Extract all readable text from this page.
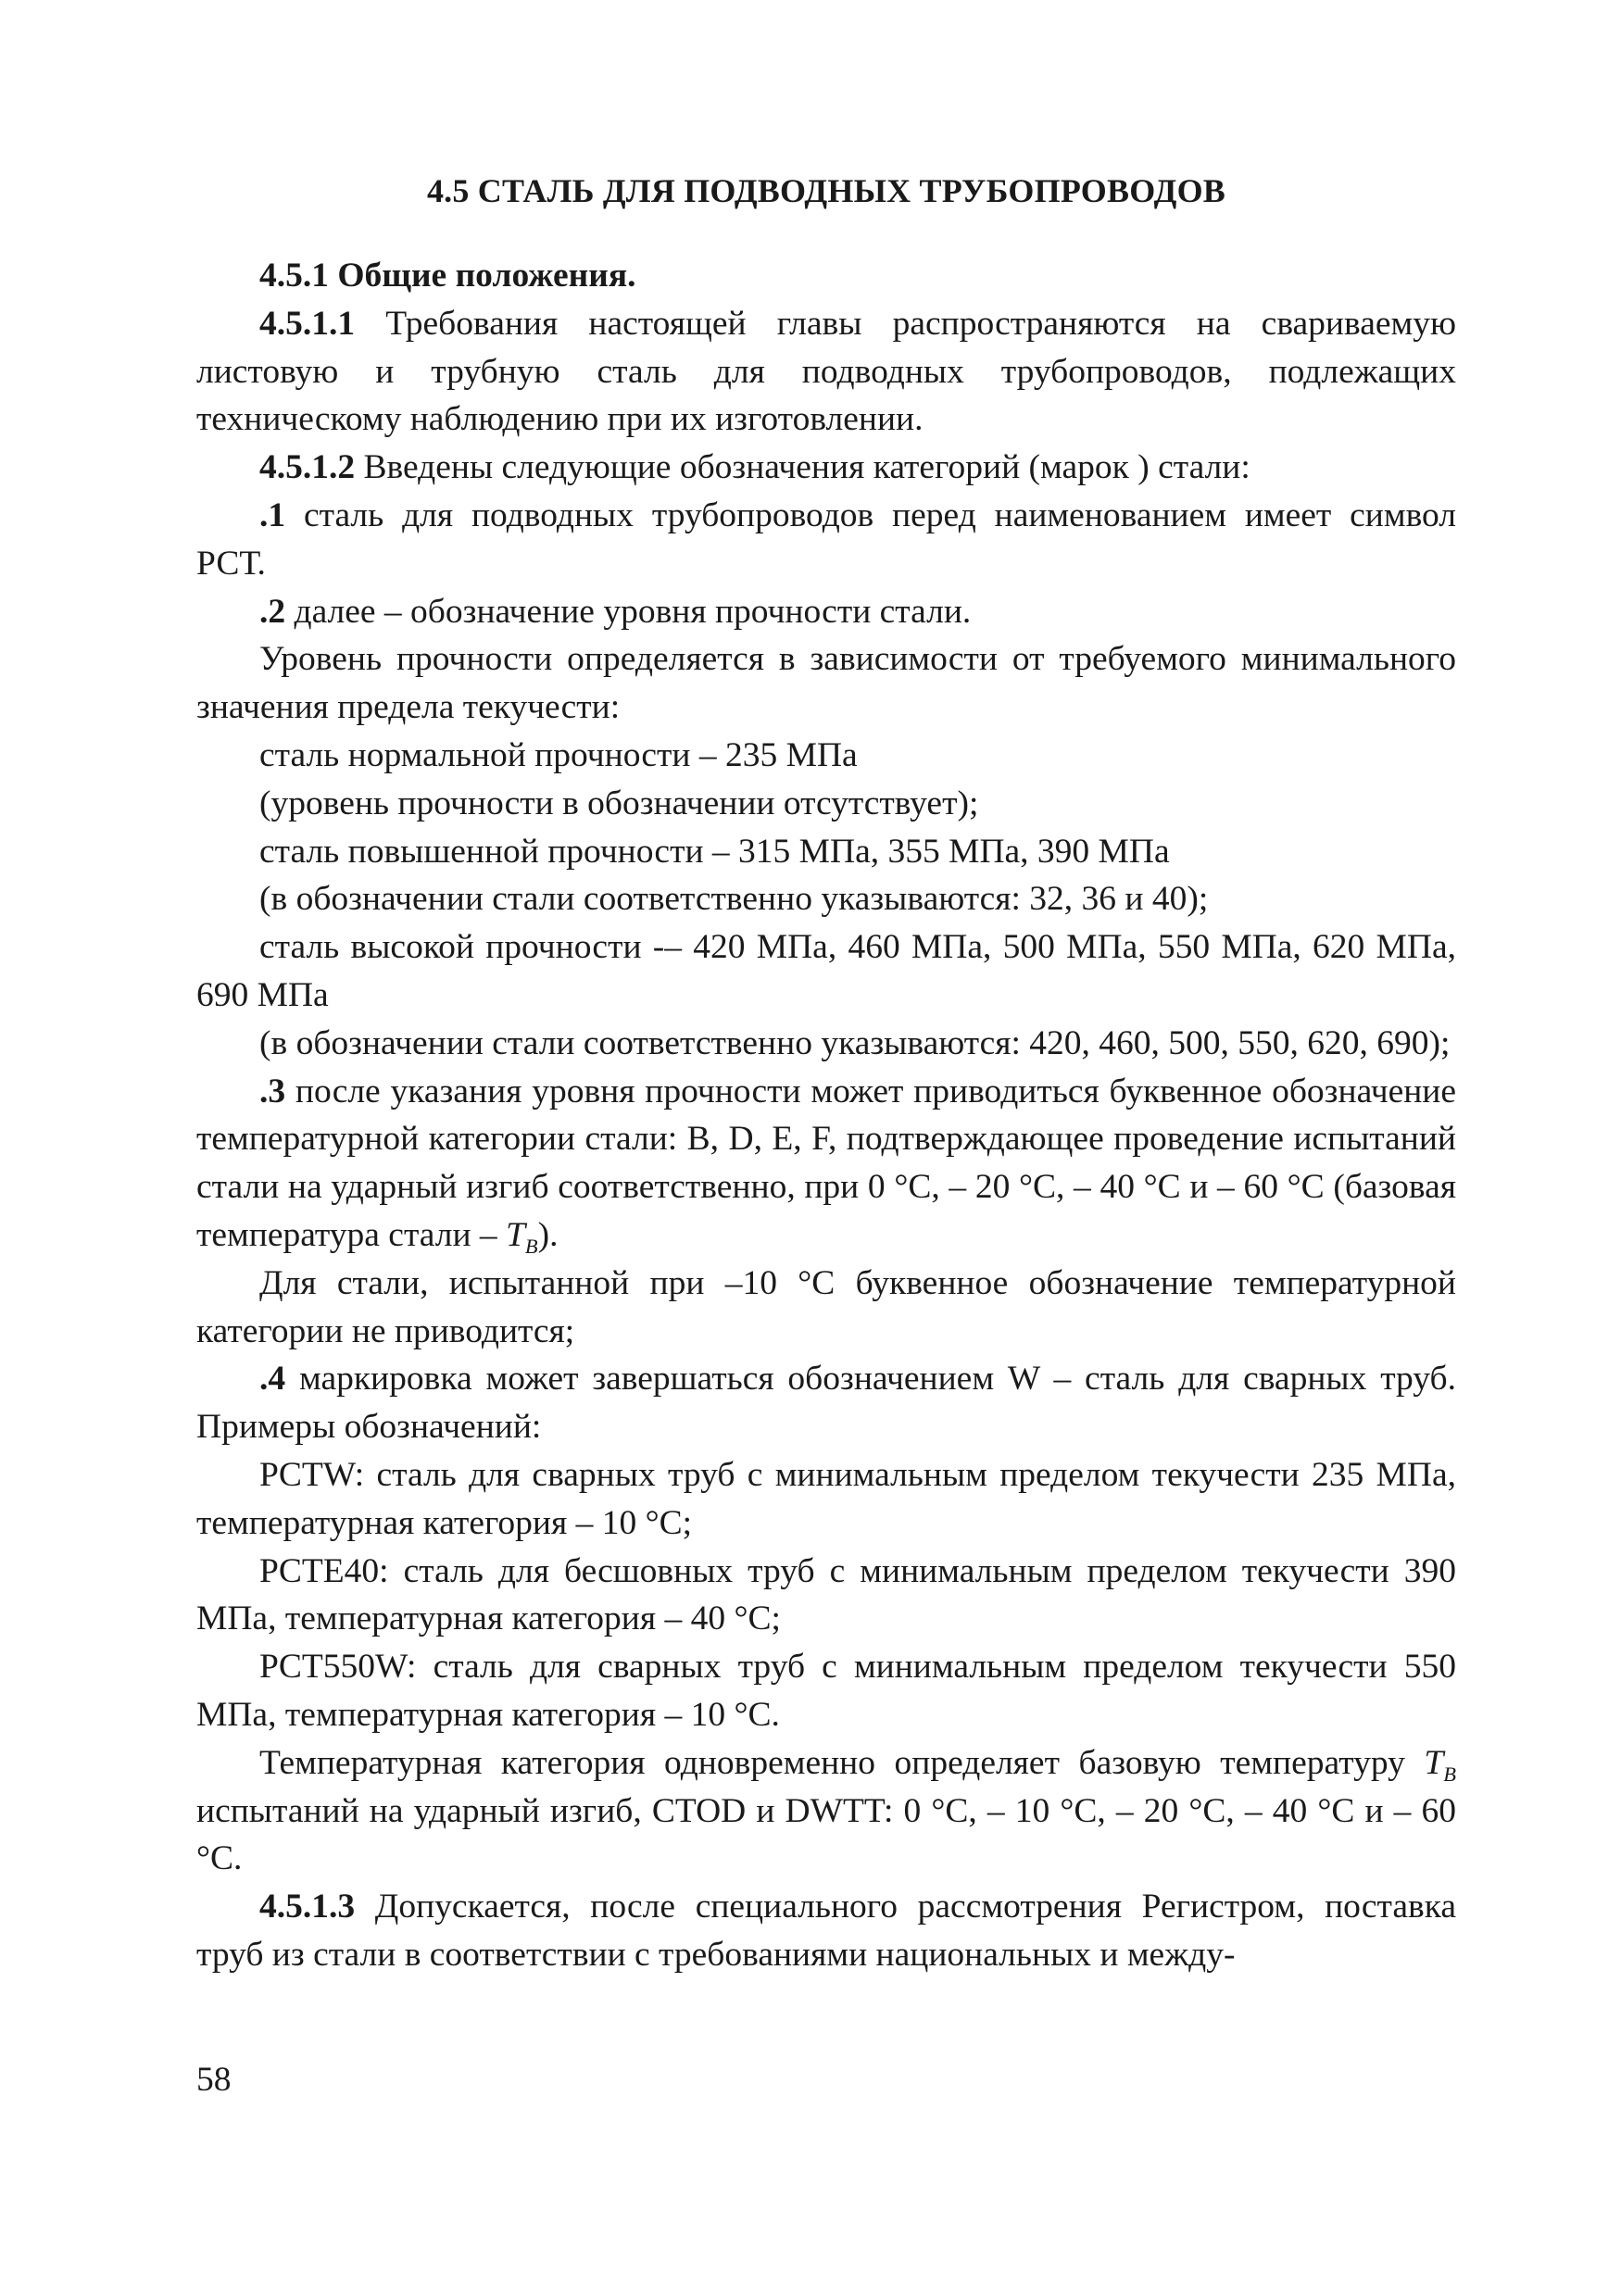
4.5 СТАЛЬ ДЛЯ ПОДВОДНЫХ ТРУБОПРОВОДОВ

4.5.1 Общие положения.

4.5.1.1 Требования настоящей главы распространяются на свариваемую листовую и трубную сталь для подводных трубопроводов, подлежащих техническому наблюдению при их изготовлении.

4.5.1.2 Введены следующие обозначения категорий (марок ) стали:

.1 сталь для подводных трубопроводов перед наименованием имеет символ РСТ.

.2 далее – обозначение уровня прочности стали.

Уровень прочности определяется в зависимости от требуемого минимального значения предела текучести:

сталь нормальной прочности – 235 МПа

(уровень прочности в обозначении отсутствует);

сталь повышенной прочности – 315 МПа, 355 МПа, 390 МПа

(в обозначении стали соответственно указываются: 32, 36 и 40);

сталь высокой прочности -– 420 МПа, 460 МПа, 500 МПа, 550 МПа, 620 МПа, 690 МПа

(в обозначении стали соответственно указываются: 420, 460, 500, 550, 620, 690);

.3 после указания уровня прочности может приводиться буквенное обозначение температурной категории стали: B, D, E, F, подтверждающее проведение испытаний стали на ударный изгиб соответственно, при 0 °С, – 20 °С, – 40 °С и – 60 °С (базовая температура стали – $T_B$).

Для стали, испытанной при –10 °С буквенное обозначение температурной категории не приводится;

.4 маркировка может завершаться обозначением W – сталь для сварных труб. Примеры обозначений:

PCTW: сталь для сварных труб с минимальным пределом текучести 235 МПа, температурная категория – 10 °С;

PCTE40: сталь для бесшовных труб с минимальным пределом текучести 390 МПа, температурная категория – 40 °С;

PCT550W: сталь для сварных труб с минимальным пределом текучести 550 МПа, температурная категория – 10 °С.

Температурная категория одновременно определяет базовую температуру $T_B$ испытаний на ударный изгиб, CTOD и DWTT: 0 °С, – 10 °С, – 20 °С, – 40 °С и – 60 °С.

4.5.1.3 Допускается, после специального рассмотрения Регистром, поставка труб из стали в соответствии с требованиями национальных и между-

58
